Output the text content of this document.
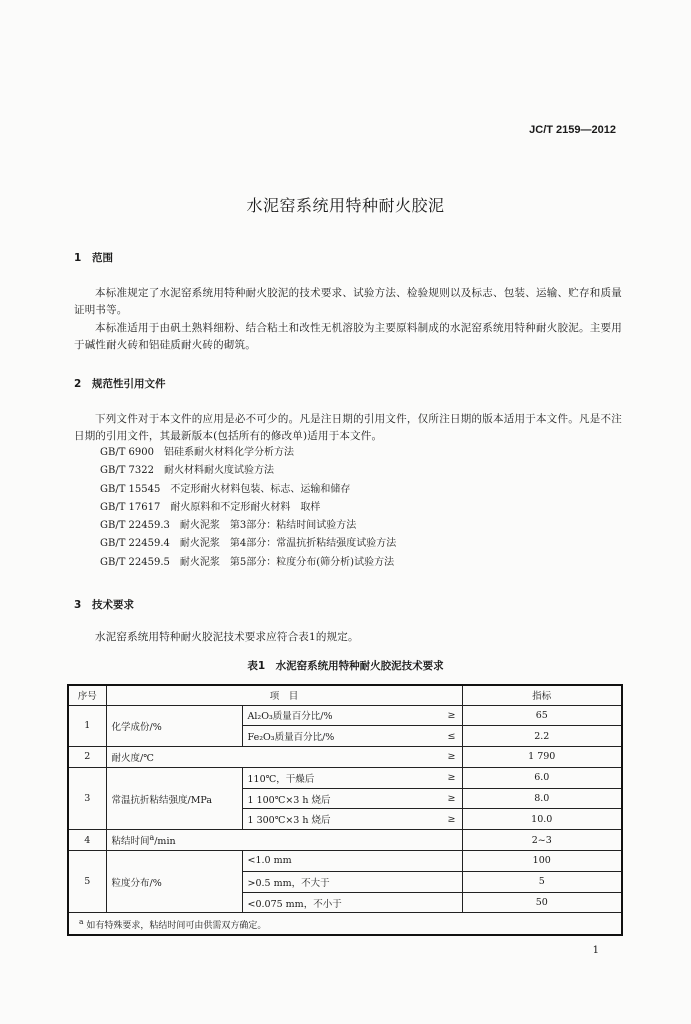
JC/T 2159—2012
水泥窑系统用特种耐火胶泥
1 范围
本标准规定了水泥窑系统用特种耐火胶泥的技术要求、试验方法、检验规则以及标志、包装、运输、贮存和质量证明书等。
本标准适用于由矾土熟料细粉、结合粘土和改性无机溶胶为主要原料制成的水泥窑系统用特种耐火胶泥。主要用于碱性耐火砖和铝硅质耐火砖的砌筑。
2 规范性引用文件
下列文件对于本文件的应用是必不可少的。凡是注日期的引用文件，仅所注日期的版本适用于本文件。凡是不注日期的引用文件，其最新版本(包括所有的修改单)适用于本文件。
GB/T 6900 铝硅系耐火材料化学分析方法
GB/T 7322 耐火材料耐火度试验方法
GB/T 15545 不定形耐火材料包装、标志、运输和储存
GB/T 17617 耐火原料和不定形耐火材料　取样
GB/T 22459.3 耐火泥浆　第3部分：粘结时间试验方法
GB/T 22459.4 耐火泥浆　第4部分：常温抗折粘结强度试验方法
GB/T 22459.5 耐火泥浆　第5部分：粒度分布(筛分析)试验方法
3 技术要求
水泥窑系统用特种耐火胶泥技术要求应符合表1的规定。
表1　水泥窑系统用特种耐火胶泥技术要求
序号	项　目			指标
1	化学成份/%	Al₂O₃质量百分比/%	≥	65
		Fe₂O₃质量百分比/%	≤	2.2
2	耐火度/℃		≥	1 790
3	常温抗折粘结强度/MPa	110℃，干燥后	≥	6.0
		1 100℃×3 h 烧后	≥	8.0
		1 300℃×3 h 烧后	≥	10.0
4	粘结时间$^a$/min			2~3
5	粒度分布/%	<1.0 mm		100
		>0.5 mm，不大于		5
		<0.075 mm，不小于		50
$^a$ 如有特殊要求，粘结时间可由供需双方确定。				
1
